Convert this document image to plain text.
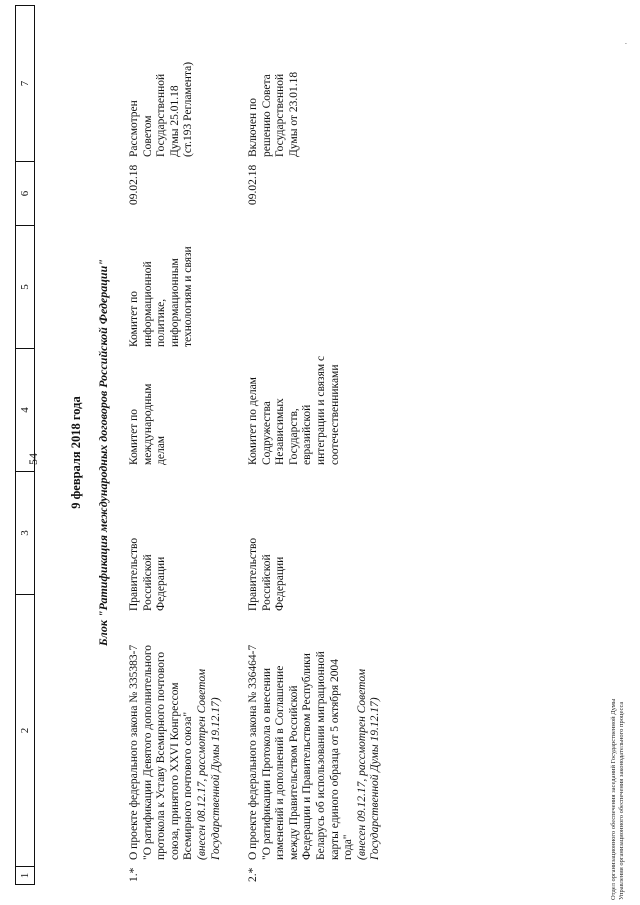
54
1
2
3
4
5
6
7
9 февраля 2018 года Блок "Ратификация международных договоров Российской Федерации"
1.*
О проекте федерального закона № 335383-7 "О ратификации Девятого дополнительного протокола к Уставу Всемирного почтового союза, принятого XXVI Конгрессом Всемирного почтового союза" (внесен 08.12.17, рассмотрен Советом Государственной Думы 19.12.17)
Правительство Российской Федерации
Комитет по международным делам
Комитет по информационной политике, информационным технологиям и связи
09.02.18
Рассмотрен Советом Государственной Думы 25.01.18 (ст.193 Регламента)
2.*
О проекте федерального закона № 336464-7 "О ратификации Протокола о внесении изменений и дополнений в Соглашение между Правительством Российской Федерации и Правительством Республики Беларусь об использовании миграционной карты единого образца от 5 октября 2004 года" (внесен 09.12.17, рассмотрен Советом Государственной Думы 19.12.17)
Правительство Российской Федерации
Комитет по делам Содружества Независимых Государств, евразийской интеграции и связям с соотечественниками
09.02.18
Включен по решению Совета Государственной Думы от 23.01.18
Отдел организационного обеспечения заседаний Государственной Думы Управления организационного обеспечения законодательного процесса
·
